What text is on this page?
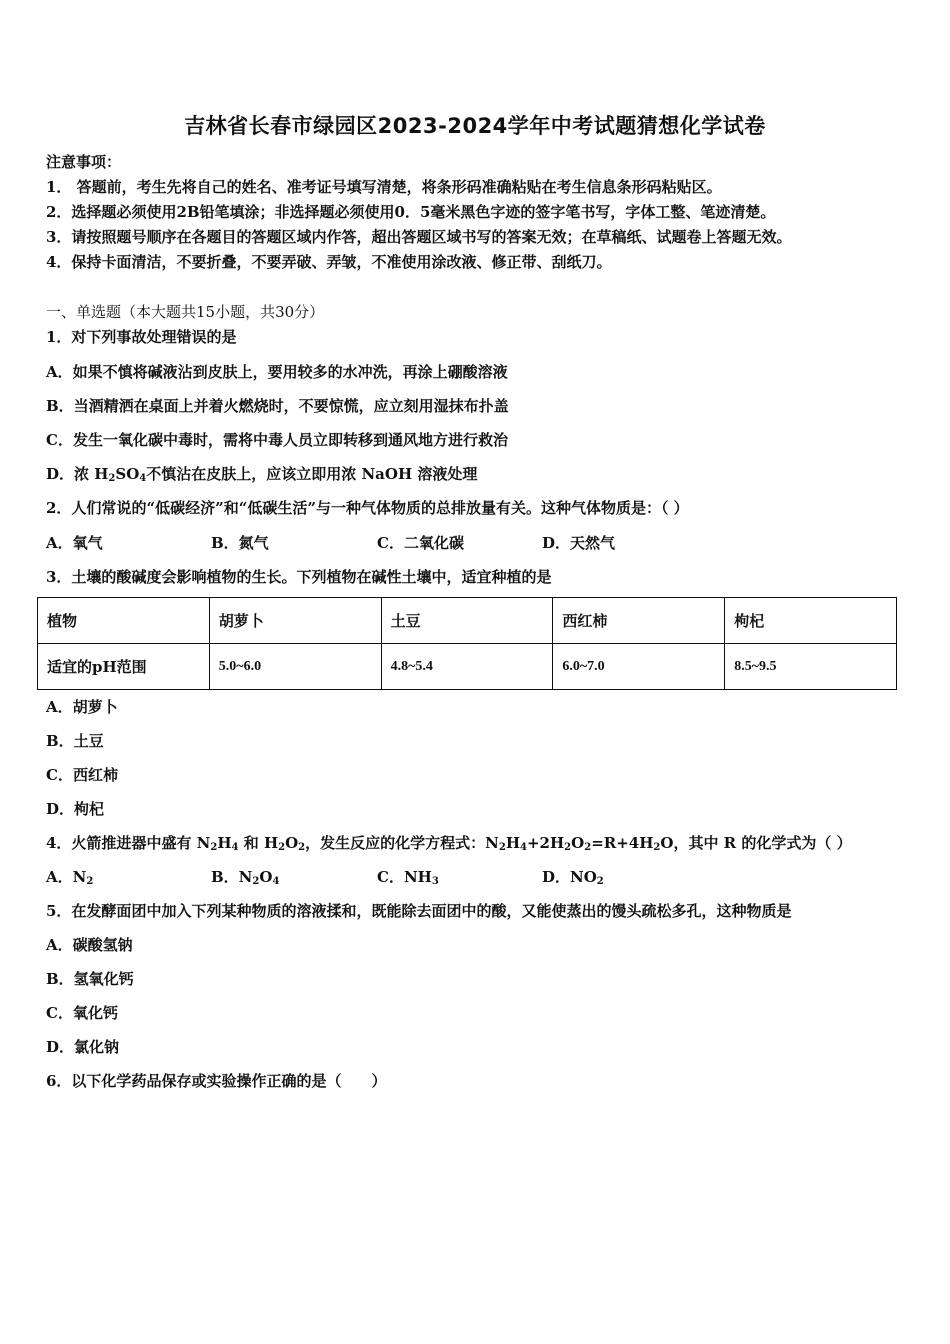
吉林省长春市绿园区2023-2024学年中考试题猜想化学试卷
注意事项：
1． 答题前，考生先将自己的姓名、准考证号填写清楚，将条形码准确粘贴在考生信息条形码粘贴区。
2．选择题必须使用2B铅笔填涂；非选择题必须使用0．5毫米黑色字迹的签字笔书写，字体工整、笔迹清楚。
3．请按照题号顺序在各题目的答题区域内作答，超出答题区域书写的答案无效；在草稿纸、试题卷上答题无效。
4．保持卡面清洁，不要折叠，不要弄破、弄皱，不准使用涂改液、修正带、刮纸刀。
一、单选题（本大题共15小题，共30分）
1．对下列事故处理错误的是
A．如果不慎将碱液沾到皮肤上，要用较多的水冲洗，再涂上硼酸溶液
B．当酒精洒在桌面上并着火燃烧时，不要惊慌，应立刻用湿抹布扑盖
C．发生一氧化碳中毒时，需将中毒人员立即转移到通风地方进行救治
D．浓 $H_2SO_4$不慎沾在皮肤上，应该立即用浓 NaOH 溶液处理
2．人们常说的“低碳经济”和“低碳生活”与一种气体物质的总排放量有关。这种气体物质是：（ ）
A．氧气	B．氮气	C．二氧化碳	D．天然气
3．土壤的酸碱度会影响植物的生长。下列植物在碱性土壤中，适宜种植的是
植物	胡萝卜	土豆	西红柿	枸杞
适宜的pH范围	5.0~6.0	4.8~5.4	6.0~7.0	8.5~9.5
A．胡萝卜
B．土豆
C．西红柿
D．枸杞
4．火箭推进器中盛有 $N_2H_4$ 和 $H_2O_2$，发生反应的化学方程式：$N_2H_4+2H_2O_2=R+4H_2O$，其中 R 的化学式为（ ）
A．$N_2$	B．$N_2O_4$	C．$NH_3$	D．$NO_2$
5．在发酵面团中加入下列某种物质的溶液揉和，既能除去面团中的酸，又能使蒸出的馒头疏松多孔，这种物质是
A．碳酸氢钠
B．氢氧化钙
C．氧化钙
D．氯化钠
6．以下化学药品保存或实验操作正确的是（　　）
